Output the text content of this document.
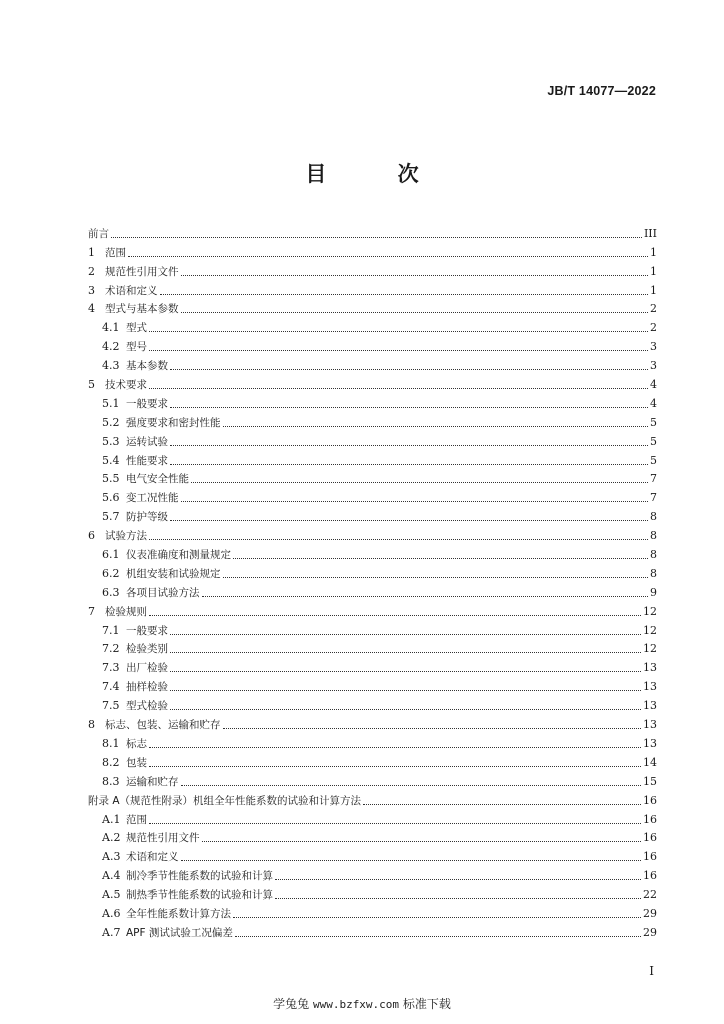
JB/T 14077—2022
目 次
前言	III
1 范围	1
2 规范性引用文件	1
3 术语和定义	1
4 型式与基本参数	2
4.1 型式	2
4.2 型号	3
4.3 基本参数	3
5 技术要求	4
5.1 一般要求	4
5.2 强度要求和密封性能	5
5.3 运转试验	5
5.4 性能要求	5
5.5 电气安全性能	7
5.6 变工况性能	7
5.7 防护等级	8
6 试验方法	8
6.1 仪表准确度和测量规定	8
6.2 机组安装和试验规定	8
6.3 各项目试验方法	9
7 检验规则	12
7.1 一般要求	12
7.2 检验类别	12
7.3 出厂检验	13
7.4 抽样检验	13
7.5 型式检验	13
8 标志、包装、运输和贮存	13
8.1 标志	13
8.2 包装	14
8.3 运输和贮存	15
附录 A（规范性附录）机组全年性能系数的试验和计算方法	16
A.1 范围	16
A.2 规范性引用文件	16
A.3 术语和定义	16
A.4 制冷季节性能系数的试验和计算	16
A.5 制热季节性能系数的试验和计算	22
A.6 全年性能系数计算方法	29
A.7 APF 测试试验工况偏差	29
I
学兔兔 www.bzfxw.com 标准下载
